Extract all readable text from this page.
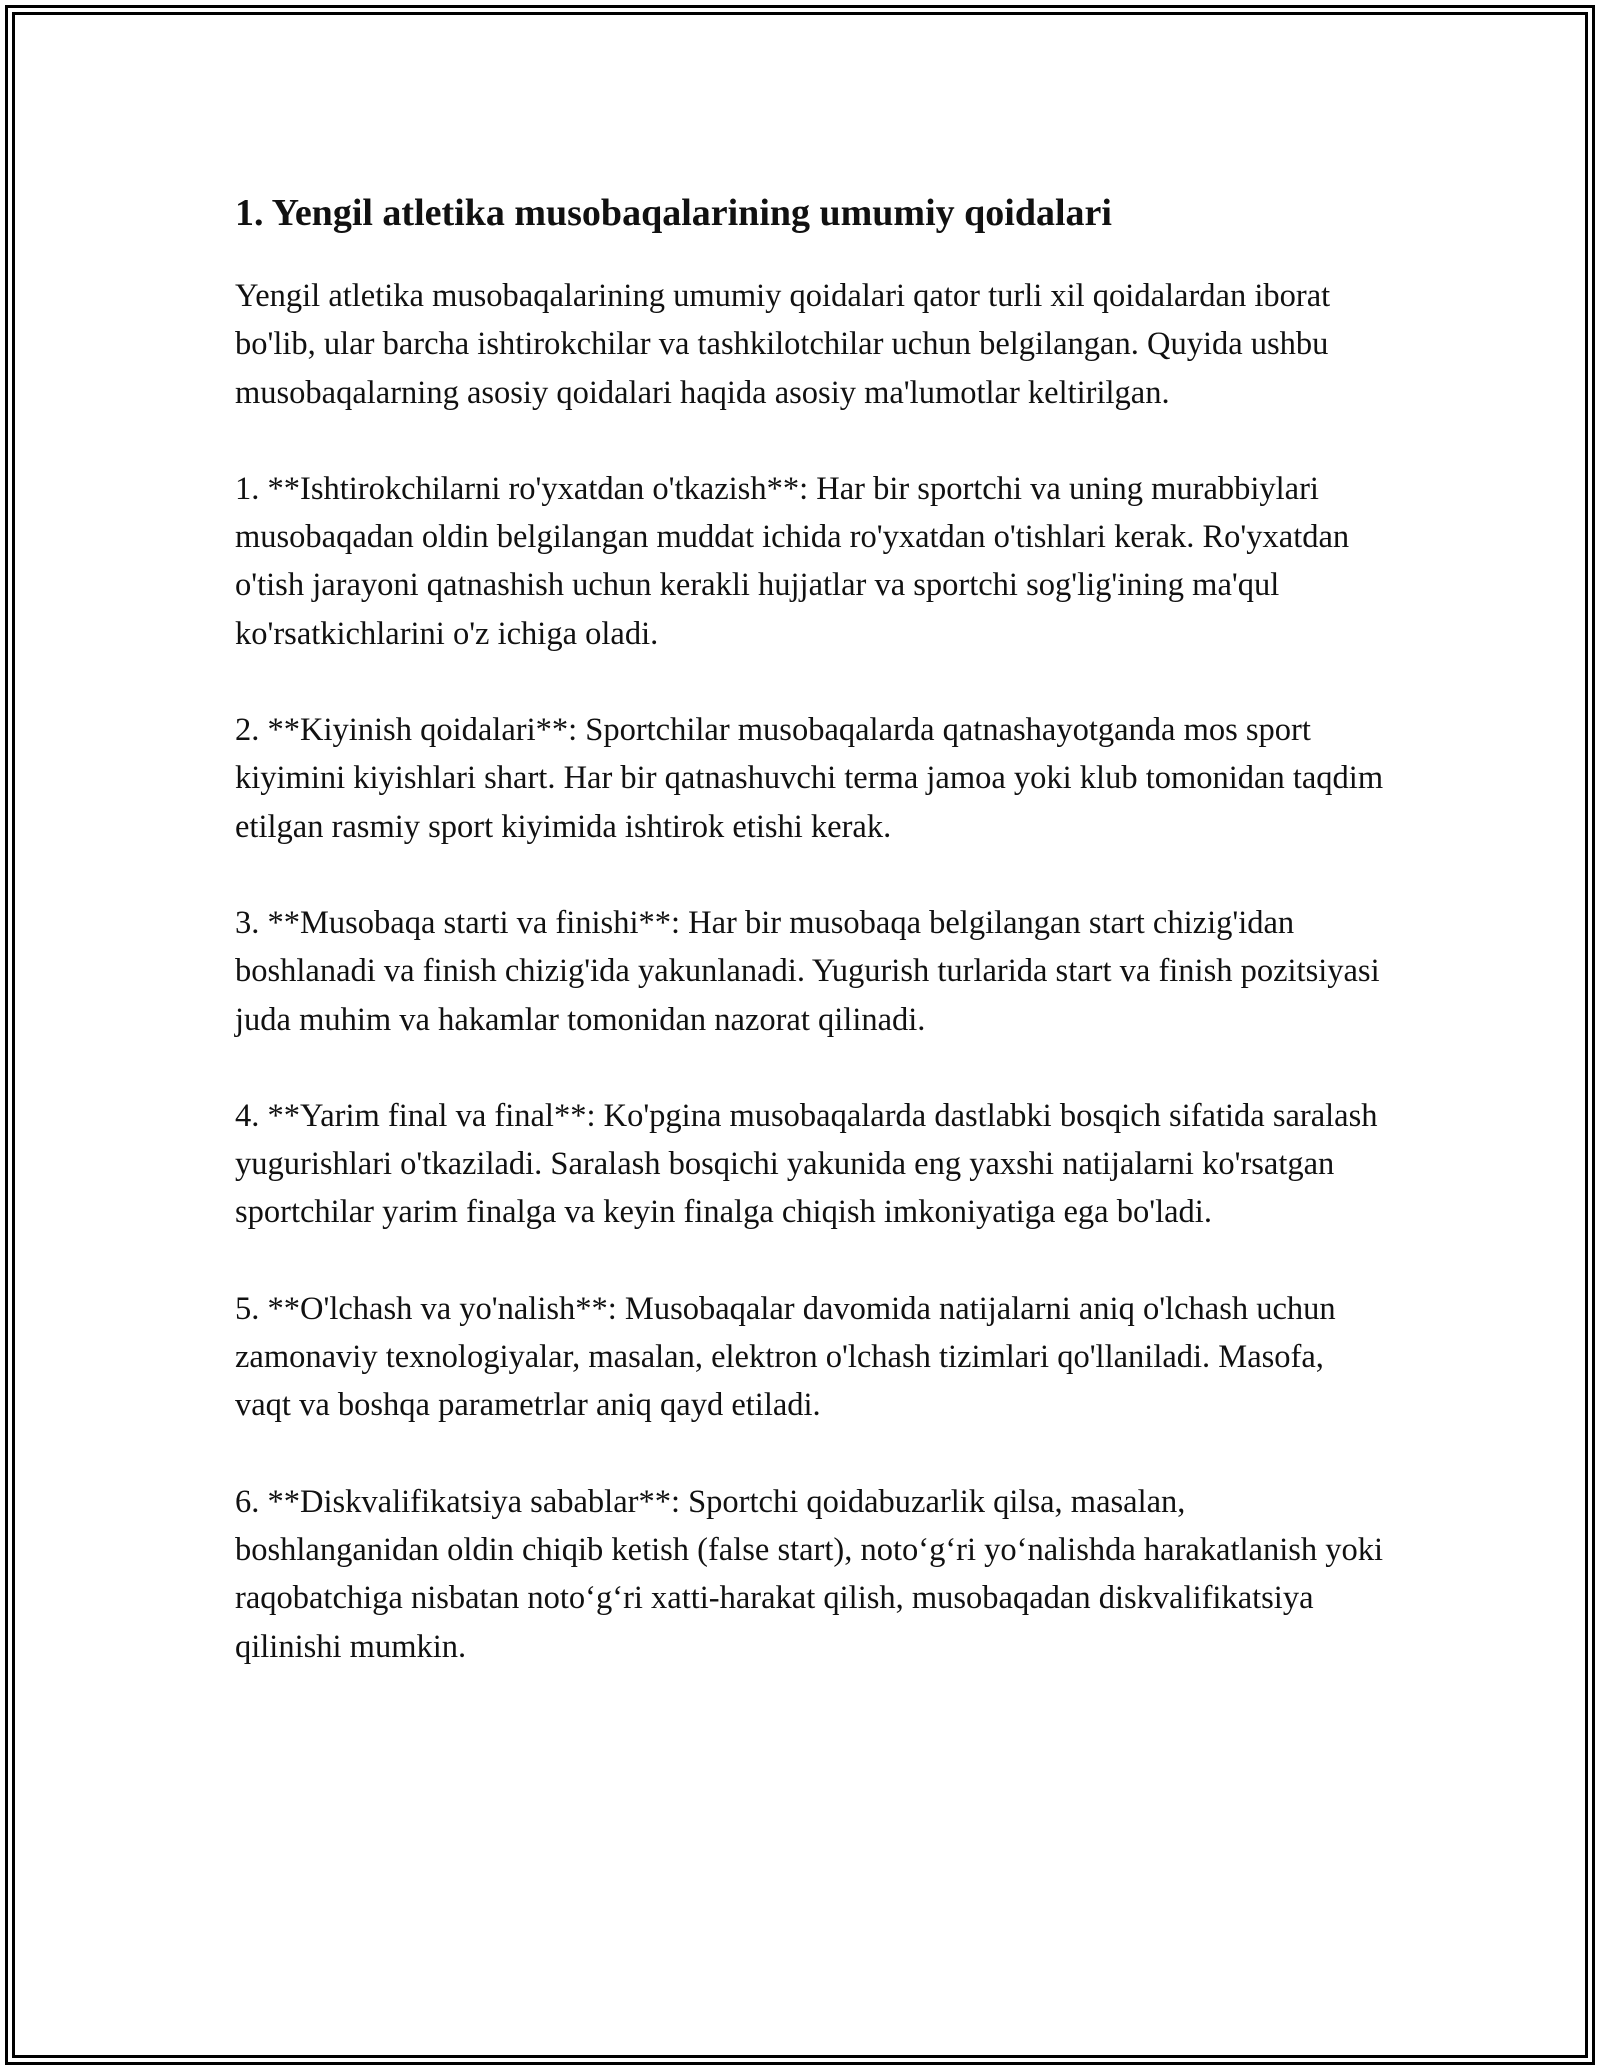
1. Yengil atletika musobaqalarining umumiy qoidalari

Yengil atletika musobaqalarining umumiy qoidalari qator turli xil qoidalardan iborat bo'lib, ular barcha ishtirokchilar va tashkilotchilar uchun belgilangan. Quyida ushbu musobaqalarning asosiy qoidalari haqida asosiy ma'lumotlar keltirilgan.

1. **Ishtirokchilarni ro'yxatdan o'tkazish**: Har bir sportchi va uning murabbiylari musobaqadan oldin belgilangan muddat ichida ro'yxatdan o'tishlari kerak. Ro'yxatdan o'tish jarayoni qatnashish uchun kerakli hujjatlar va sportchi sog'lig'ining ma'qul ko'rsatkichlarini o'z ichiga oladi.

2. **Kiyinish qoidalari**: Sportchilar musobaqalarda qatnashayotganda mos sport kiyimini kiyishlari shart. Har bir qatnashuvchi terma jamoa yoki klub tomonidan taqdim etilgan rasmiy sport kiyimida ishtirok etishi kerak.

3. **Musobaqa starti va finishi**: Har bir musobaqa belgilangan start chizig'idan boshlanadi va finish chizig'ida yakunlanadi. Yugurish turlarida start va finish pozitsiyasi juda muhim va hakamlar tomonidan nazorat qilinadi.

4. **Yarim final va final**: Ko'pgina musobaqalarda dastlabki bosqich sifatida saralash yugurishlari o'tkaziladi. Saralash bosqichi yakunida eng yaxshi natijalarni ko'rsatgan sportchilar yarim finalga va keyin finalga chiqish imkoniyatiga ega bo'ladi.

5. **O'lchash va yo'nalish**: Musobaqalar davomida natijalarni aniq o'lchash uchun zamonaviy texnologiyalar, masalan, elektron o'lchash tizimlari qo'llaniladi. Masofa, vaqt va boshqa parametrlar aniq qayd etiladi.

6. **Diskvalifikatsiya sabablar**: Sportchi qoidabuzarlik qilsa, masalan, boshlanganidan oldin chiqib ketish (false start), noto‘g‘ri yo‘nalishda harakatlanish yoki raqobatchiga nisbatan noto‘g‘ri xatti-harakat qilish, musobaqadan diskvalifikatsiya qilinishi mumkin.
